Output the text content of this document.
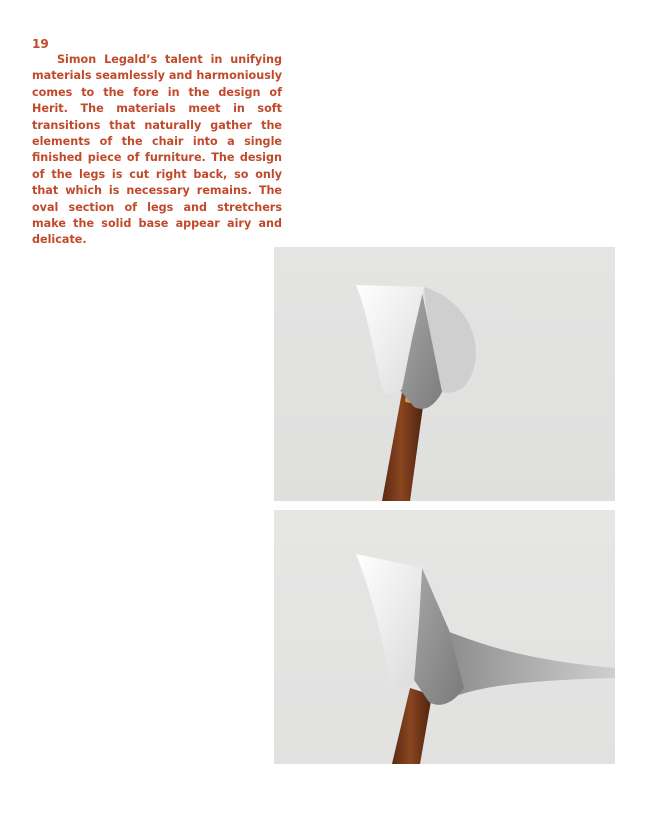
19

Simon Legald’s talent in unifying materials seamlessly and harmoniously comes to the fore in the design of Herit. The materials meet in soft transitions that naturally gather the elements of the chair into a single finished piece of furniture. The design of the legs is cut right back, so only that which is necessary remains. The oval section of legs and stretchers make the solid base appear airy and delicate.
